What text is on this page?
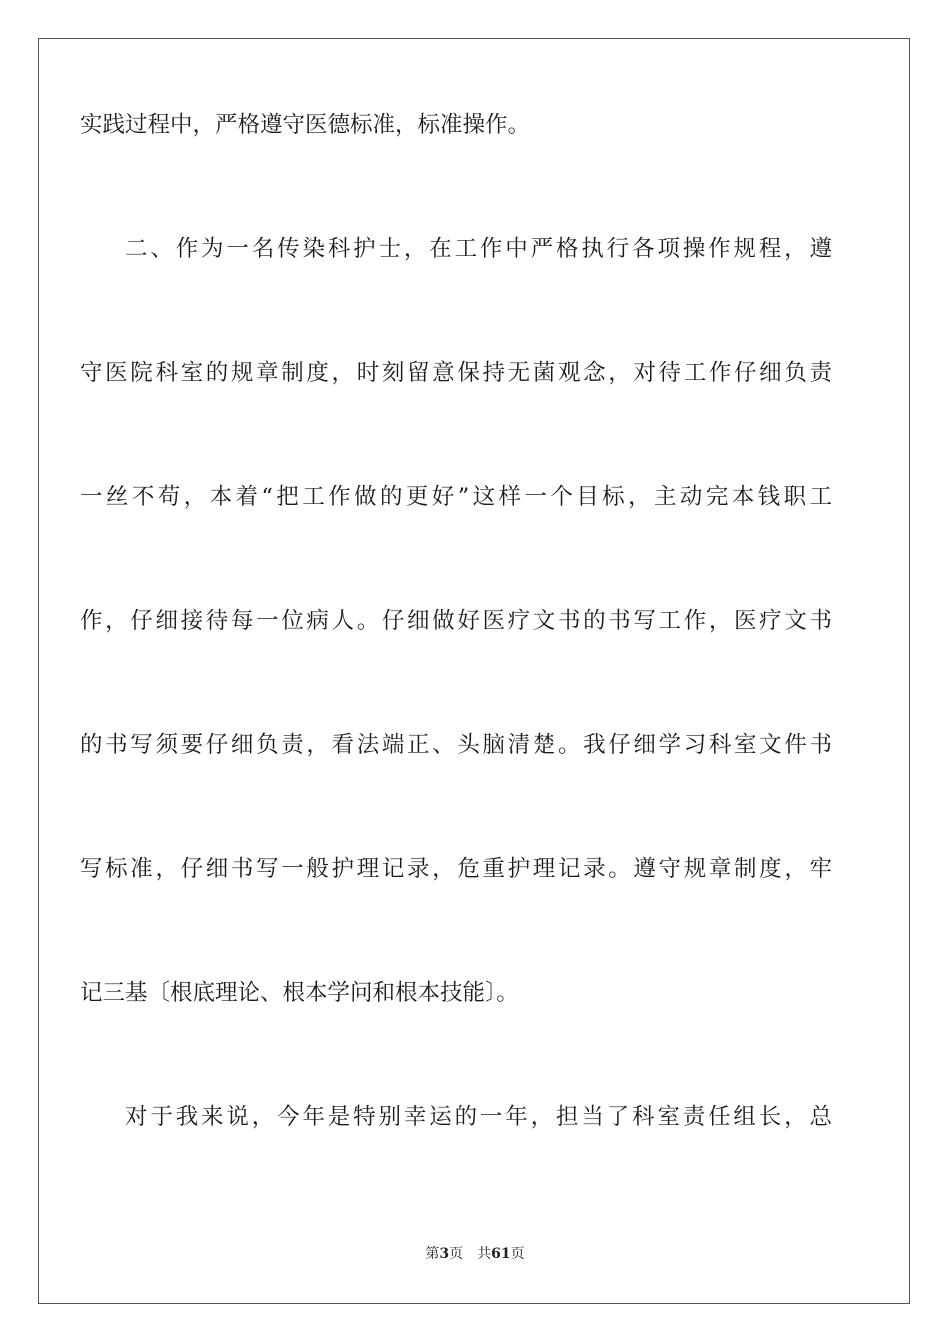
实践过程中，严格遵守医德标准，标准操作。

二、作为一名传染科护士，在工作中严格执行各项操作规程，遵

守医院科室的规章制度，时刻留意保持无菌观念，对待工作仔细负责

一丝不苟，本着“把工作做的更好”这样一个目标，主动完本钱职工

作，仔细接待每一位病人。仔细做好医疗文书的书写工作，医疗文书

的书写须要仔细负责，看法端正、头脑清楚。我仔细学习科室文件书

写标准，仔细书写一般护理记录，危重护理记录。遵守规章制度，牢

记三基〔根底理论、根本学问和根本技能〕。

对于我来说，今年是特别幸运的一年，担当了科室责任组长，总

第3页 共61页
